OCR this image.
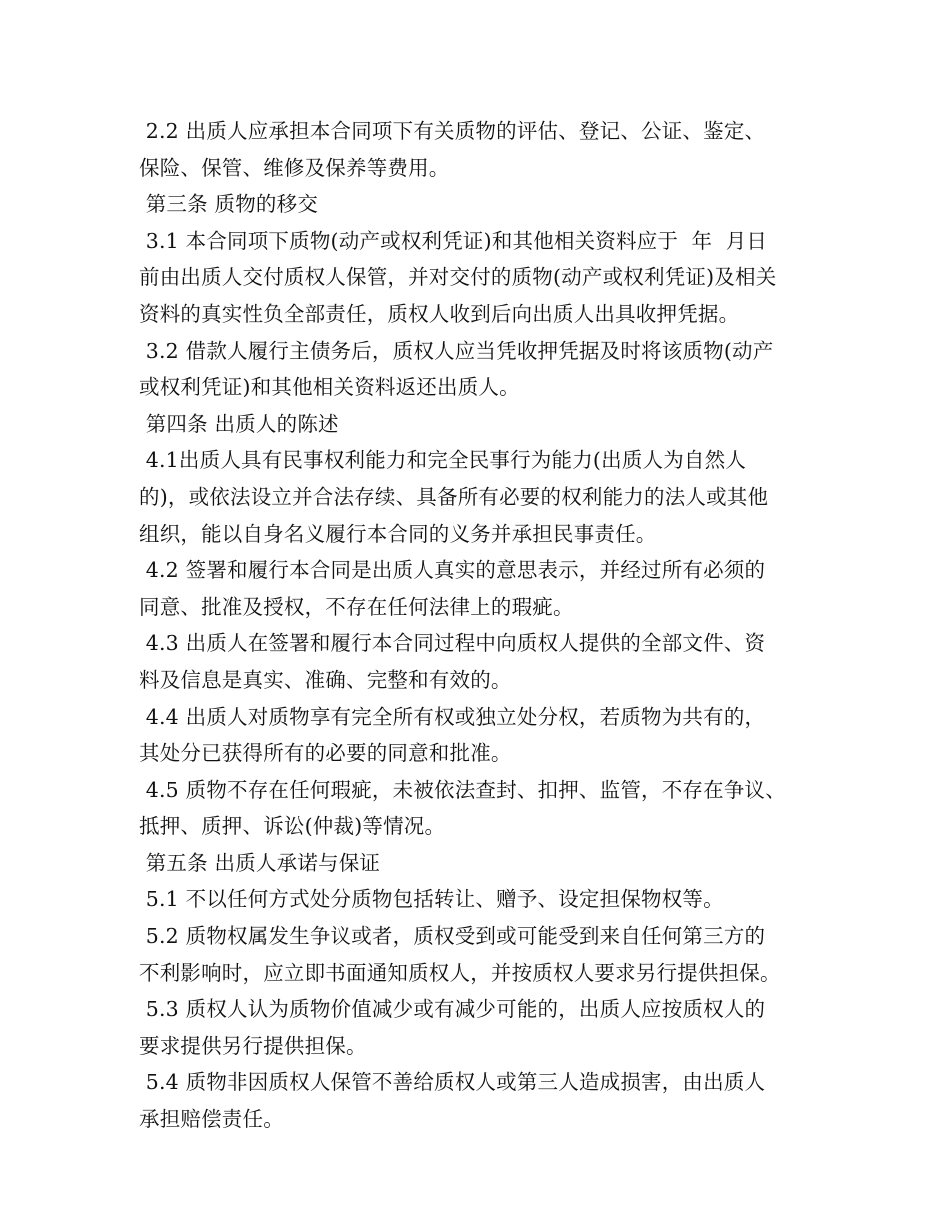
2.2 出质人应承担本合同项下有关质物的评估、登记、公证、鉴定、
保险、保管、维修及保养等费用。
第三条 质物的移交
3.1 本合同项下质物(动产或权利凭证)和其他相关资料应于  年  月日
前由出质人交付质权人保管，并对交付的质物(动产或权利凭证)及相关
资料的真实性负全部责任，质权人收到后向出质人出具收押凭据。
3.2 借款人履行主债务后，质权人应当凭收押凭据及时将该质物(动产
或权利凭证)和其他相关资料返还出质人。
第四条 出质人的陈述
4.1出质人具有民事权利能力和完全民事行为能力(出质人为自然人
的)，或依法设立并合法存续、具备所有必要的权利能力的法人或其他
组织，能以自身名义履行本合同的义务并承担民事责任。
4.2 签署和履行本合同是出质人真实的意思表示，并经过所有必须的
同意、批准及授权，不存在任何法律上的瑕疵。
4.3 出质人在签署和履行本合同过程中向质权人提供的全部文件、资
料及信息是真实、准确、完整和有效的。
4.4 出质人对质物享有完全所有权或独立处分权，若质物为共有的，
其处分已获得所有的必要的同意和批准。
4.5 质物不存在任何瑕疵，未被依法查封、扣押、监管，不存在争议、
抵押、质押、诉讼(仲裁)等情况。
第五条 出质人承诺与保证
5.1 不以任何方式处分质物包括转让、赠予、设定担保物权等。
5.2 质物权属发生争议或者，质权受到或可能受到来自任何第三方的
不利影响时，应立即书面通知质权人，并按质权人要求另行提供担保。
5.3 质权人认为质物价值减少或有减少可能的，出质人应按质权人的
要求提供另行提供担保。
5.4 质物非因质权人保管不善给质权人或第三人造成损害，由出质人
承担赔偿责任。
